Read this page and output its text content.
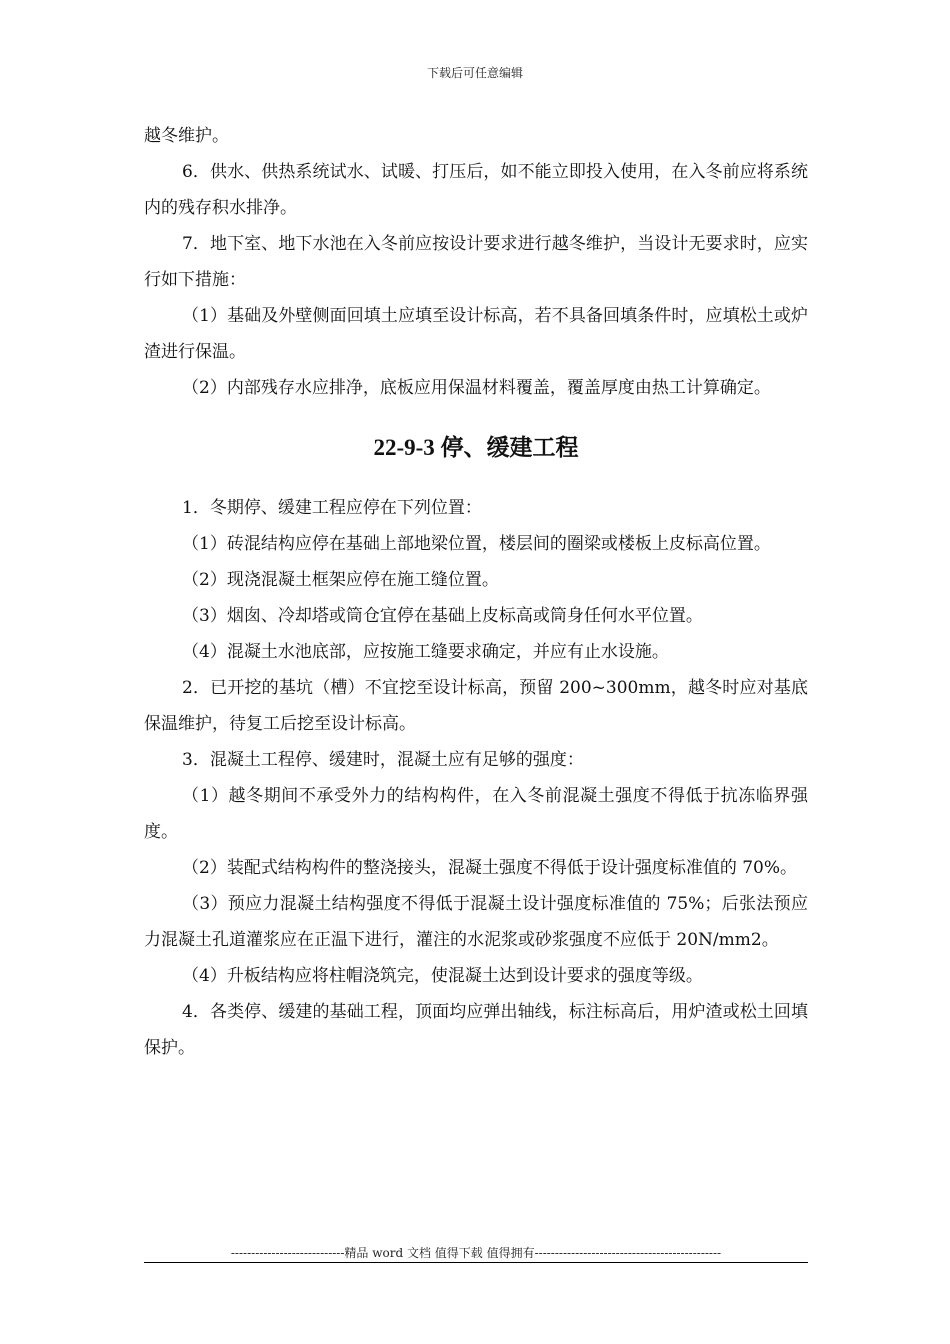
下载后可任意编辑

越冬维护。

6．供水、供热系统试水、试暖、打压后，如不能立即投入使用，在入冬前应将系统内的残存积水排净。

7．地下室、地下水池在入冬前应按设计要求进行越冬维护，当设计无要求时，应实行如下措施：

（1）基础及外壁侧面回填土应填至设计标高，若不具备回填条件时，应填松土或炉渣进行保温。

（2）内部残存水应排净，底板应用保温材料覆盖，覆盖厚度由热工计算确定。

22-9-3 停、缓建工程

1．冬期停、缓建工程应停在下列位置：

（1）砖混结构应停在基础上部地梁位置，楼层间的圈梁或楼板上皮标高位置。

（2）现浇混凝土框架应停在施工缝位置。

（3）烟囱、冷却塔或筒仓宜停在基础上皮标高或筒身任何水平位置。

（4）混凝土水池底部，应按施工缝要求确定，并应有止水设施。

2．已开挖的基坑（槽）不宜挖至设计标高，预留 200~300mm，越冬时应对基底保温维护，待复工后挖至设计标高。

3．混凝土工程停、缓建时，混凝土应有足够的强度：

（1）越冬期间不承受外力的结构构件，在入冬前混凝土强度不得低于抗冻临界强度。

（2）装配式结构构件的整浇接头，混凝土强度不得低于设计强度标准值的 70%。

（3）预应力混凝土结构强度不得低于混凝土设计强度标准值的 75%；后张法预应力混凝土孔道灌浆应在正温下进行，灌注的水泥浆或砂浆强度不应低于 20N/mm2。

（4）升板结构应将柱帽浇筑完，使混凝土达到设计要求的强度等级。

4．各类停、缓建的基础工程，顶面均应弹出轴线，标注标高后，用炉渣或松土回填保护。

----------------------------精品 word 文档 值得下载 值得拥有----------------------------------------------
